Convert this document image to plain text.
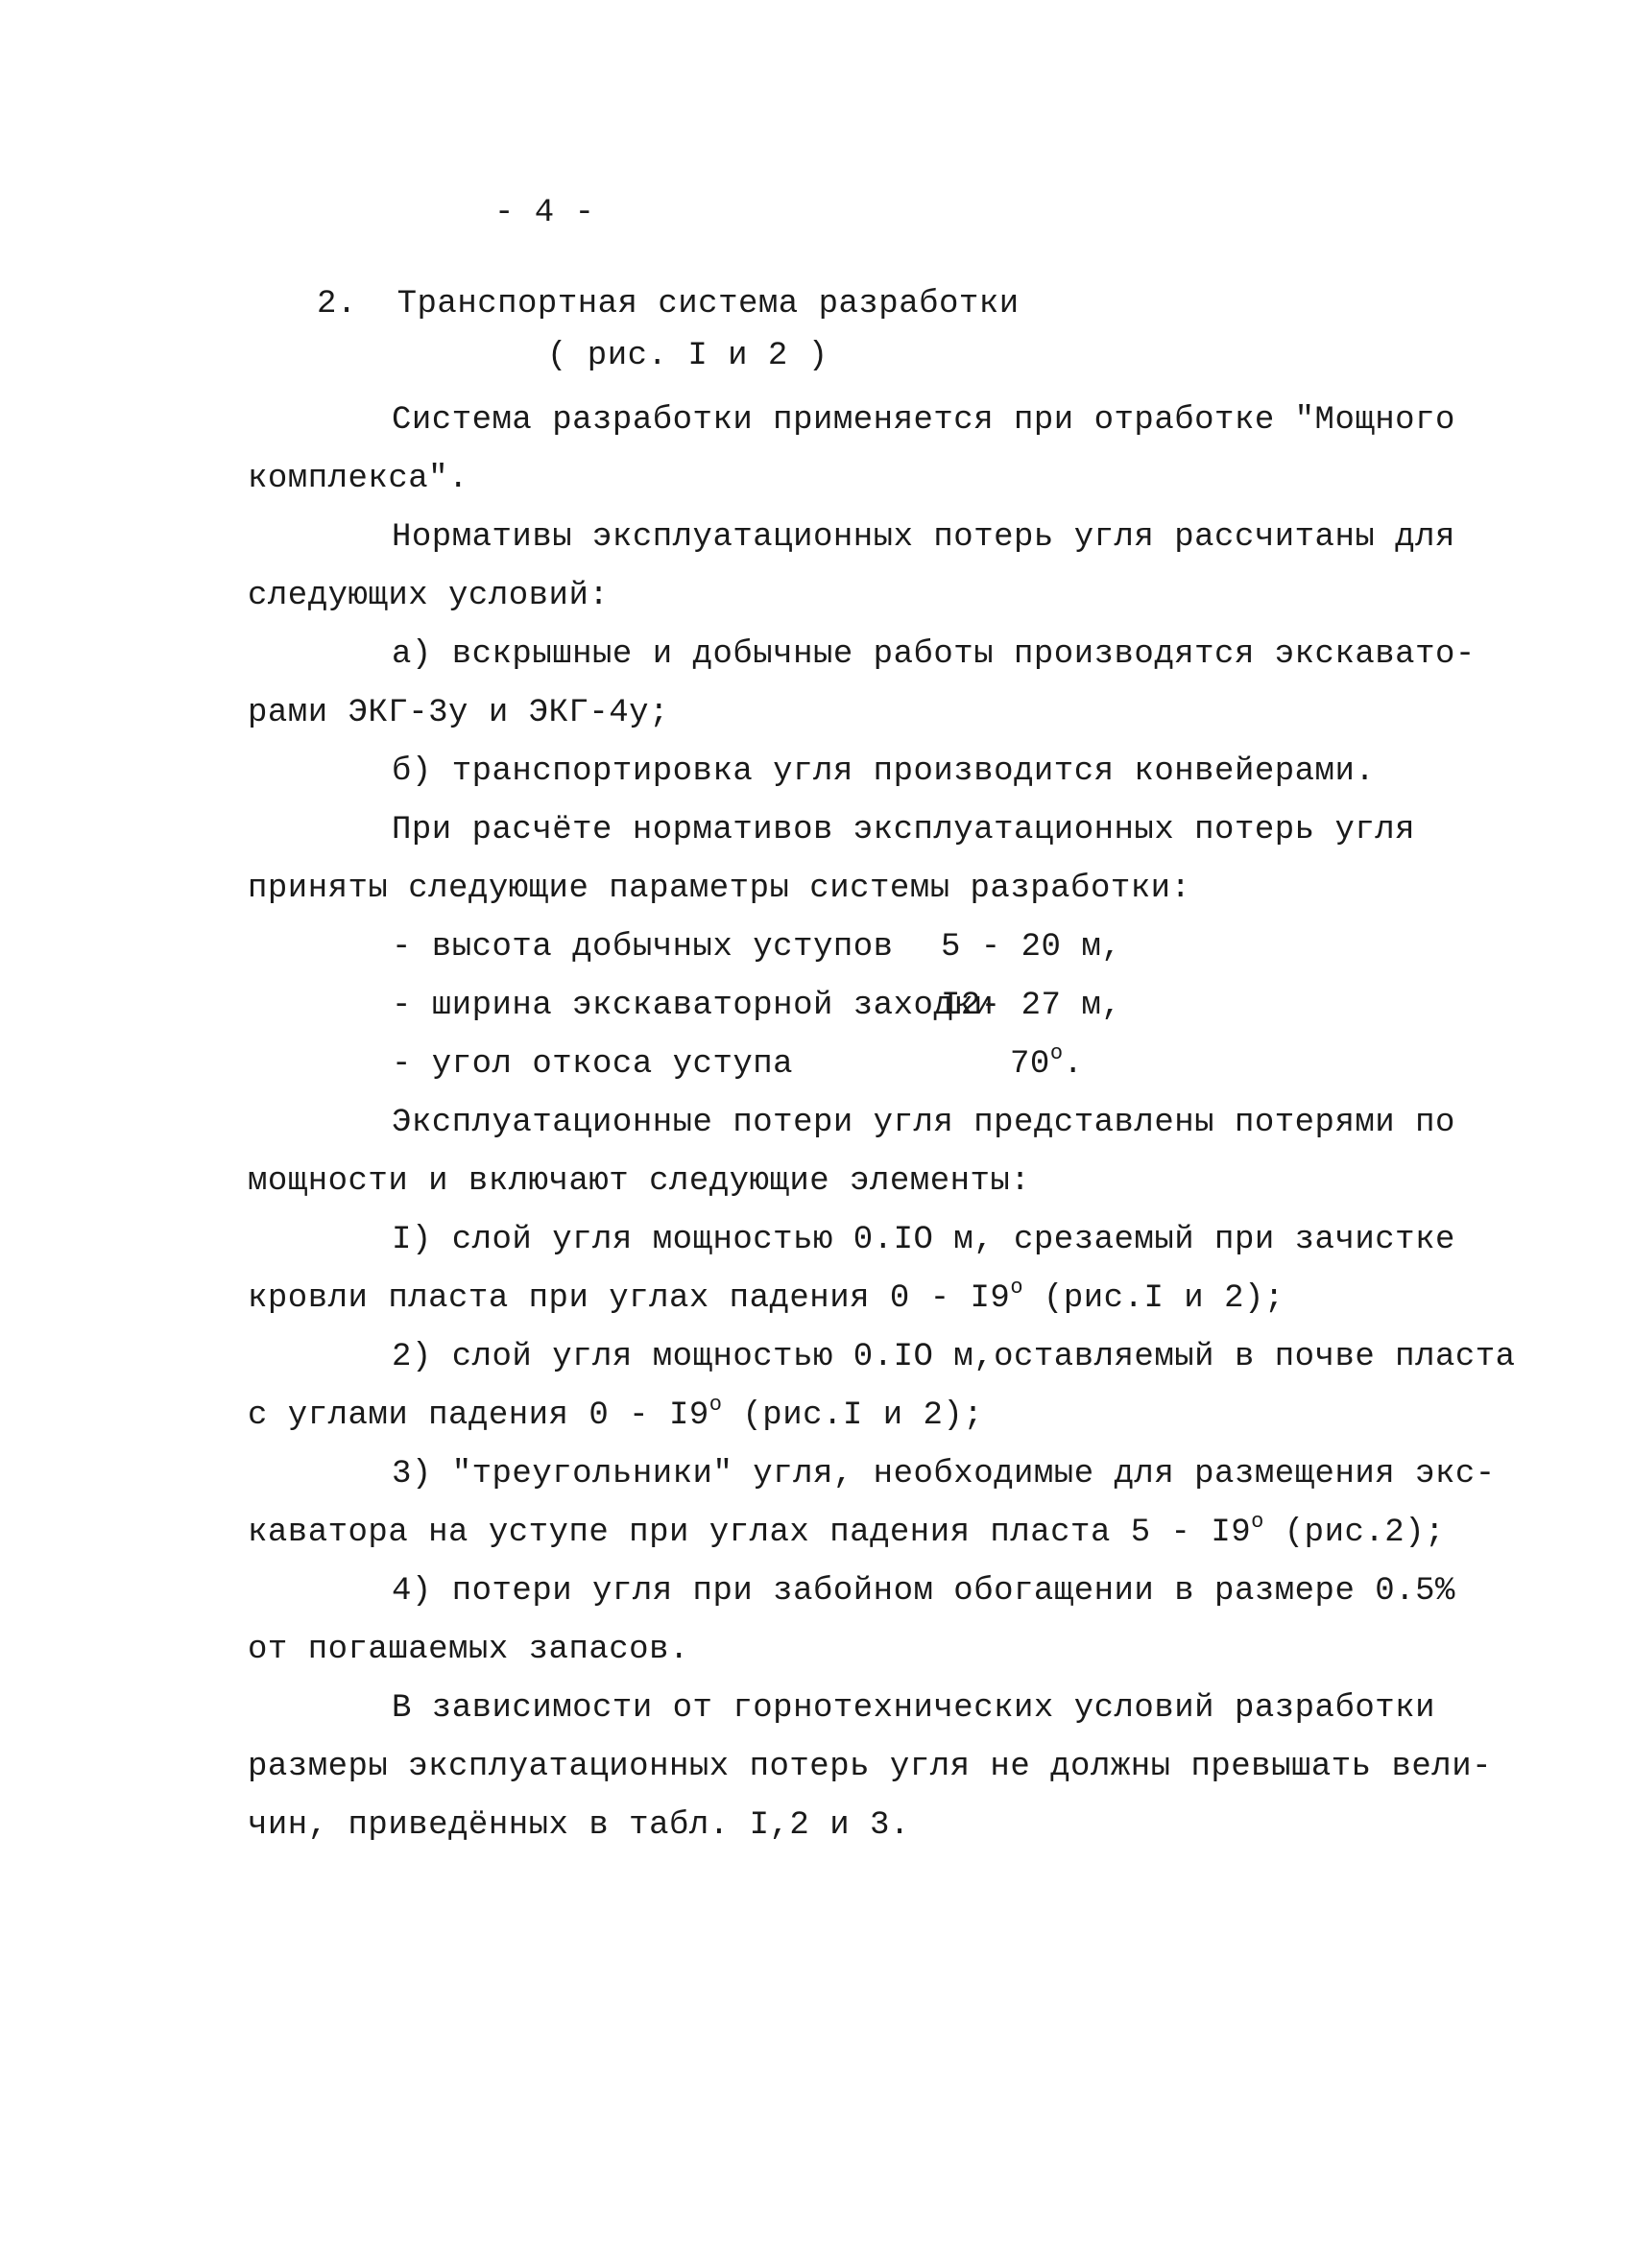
- 4 -
2.  Транспортная система разработки
( рис. I и 2 )
Система разработки применяется при отработке "Мощного
комплекса".
Нормативы эксплуатационных потерь угля рассчитаны для
следующих условий:
а) вскрышные и добычные работы производятся экскавато-
рами ЭКГ-3у и ЭКГ-4у;
б) транспортировка угля производится конвейерами.
При расчёте нормативов эксплуатационных потерь угля
приняты следующие параметры системы разработки:
- высота добычных уступов 5 - 20 м,
- ширина экскаваторной заходки
I2- 27 м,
- угол откоса уступа	$70^о$.
Эксплуатационные потери угля представлены потерями по
мощности и включают следующие элементы:
I) слой угля мощностью 0.IO м, срезаемый при зачистке
кровли пласта при углах падения $0 - I9^о$ (рис.I и 2);
2) слой угля мощностью 0.IO м,оставляемый в почве пласта
с углами падения $0 - I9^о$ (рис.I и 2);
3) "треугольники" угля, необходимые для размещения экс-
каватора на уступе при углах падения пласта $5 - I9^о$ (рис.2);
4) потери угля при забойном обогащении в размере 0.5%
от погашаемых запасов.
В зависимости от горнотехнических условий разработки
размеры эксплуатационных потерь угля не должны превышать вели-
чин, приведённых в табл. I,2 и 3.
